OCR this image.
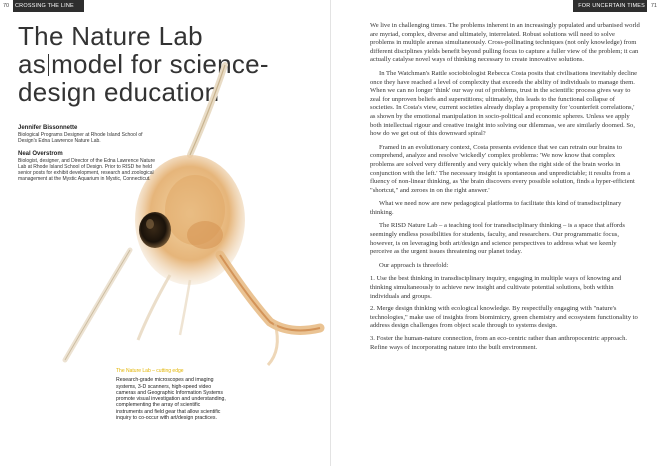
70 CROSSING THE LINE	FOR UNCERTAIN TIMES 71
The Nature Lab
as model for science-
design education
Jennifer Bissonnette
Biological Programs Designer at Rhode Island School of Design's Edna Lawrence Nature Lab.
Neal Overstrom
Biologist, designer, and Director of the Edna Lawrence Nature Lab at Rhode Island School of Design. Prior to RISD he held senior posts for exhibit development, research and zoological management at the Mystic Aquarium in Mystic, Connecticut.
The Nature Lab – cutting edge
Research-grade microscopes and imaging systems, 3-D scanners, high-speed video cameras and Geographic Information Systems promote visual investigation and understanding, complementing the array of scientific instruments and field gear that allow scientific inquiry to co-occur with art/design practices.

We live in challenging times. The problems inherent in an increasingly populated and urbanised world are myriad, complex, diverse and ultimately, interrelated. Robust solutions will need to solve problems in multiple arenas simultaneously. Cross-pollinating techniques (not only knowledge) from different disciplines yields benefit beyond pulling focus to capture a fuller view of the problem; it can actually catalyse novel ways of thinking necessary to create innovative solutions.

In The Watchman's Rattle sociobiologist Rebecca Costa posits that civilisations inevitably decline once they have reached a level of complexity that exceeds the ability of individuals to manage them. When we can no longer 'think' our way out of problems, trust in the scientific process gives way to zeal for unproven beliefs and superstitions; ultimately, this leads to the functional collapse of societies. In Costa's view, current societies already display a propensity for 'counterfeit correlations,' as shown by the emotional manipulation in socio-political and economic spheres. Unless we apply both intellectual rigour and creative insight into solving our dilemmas, we are similarly doomed. So, how do we get out of this downward spiral?

Framed in an evolutionary context, Costa presents evidence that we can retrain our brains to comprehend, analyze and resolve 'wickedly' complex problems: 'We now know that complex problems are solved very differently and very quickly when the right side of the brain works in conjunction with the left.' The necessary insight is spontaneous and unpredictable; it results from a fluency of non-linear thinking, as 'the brain discovers every possible solution, finds a hyper-efficient "shortcut," and zeroes in on the right answer.'

What we need now are new pedagogical platforms to facilitate this kind of transdisciplinary thinking.

The RISD Nature Lab – a teaching tool for transdisciplinary thinking – is a space that affords seemingly endless possibilities for students, faculty, and researchers. Our programmatic focus, however, is on leveraging both art/design and science perspectives to address what we keenly perceive as the urgent issues threatening our planet today.

Our approach is threefold:

1. Use the best thinking in transdisciplinary inquiry, engaging in multiple ways of knowing and thinking simultaneously to achieve new insight and cultivate potential solutions, both within individuals and groups.

2. Merge design thinking with ecological knowledge. By respectfully engaging with "nature's technologies," make use of insights from biomimicry, green chemistry and ecosystem functionality to address design challenges from object scale through to systems design.

3. Foster the human-nature connection, from an eco-centric rather than anthropocentric approach. Refine ways of incorporating nature into the built environment.
